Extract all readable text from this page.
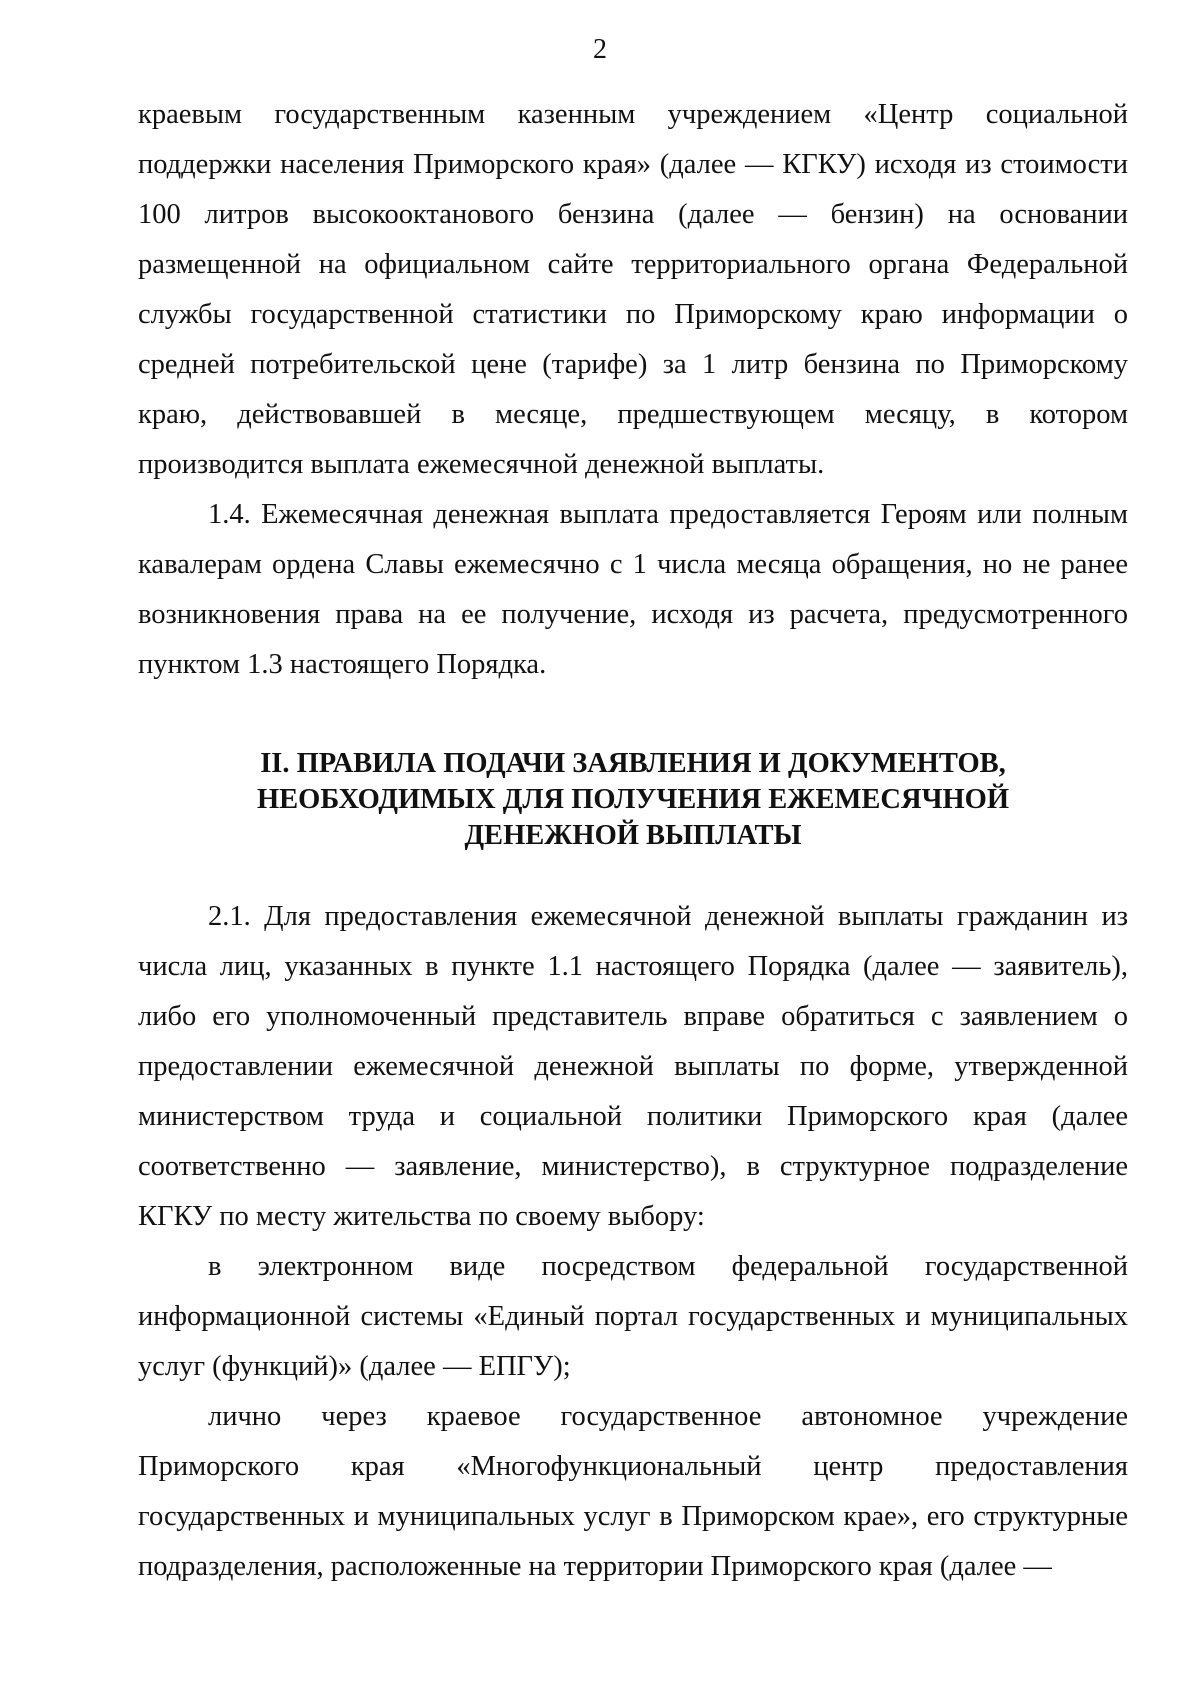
2

краевым государственным казенным учреждением «Центр социальной поддержки населения Приморского края» (далее — КГКУ) исходя из стоимости 100 литров высокооктанового бензина (далее — бензин) на основании размещенной на официальном сайте территориального органа Федеральной службы государственной статистики по Приморскому краю информации о средней потребительской цене (тарифе) за 1 литр бензина по Приморскому краю, действовавшей в месяце, предшествующем месяцу, в котором производится выплата ежемесячной денежной выплаты.

1.4. Ежемесячная денежная выплата предоставляется Героям или полным кавалерам ордена Славы ежемесячно с 1 числа месяца обращения, но не ранее возникновения права на ее получение, исходя из расчета, предусмотренного пунктом 1.3 настоящего Порядка.

II. ПРАВИЛА ПОДАЧИ ЗАЯВЛЕНИЯ И ДОКУМЕНТОВ,
НЕОБХОДИМЫХ ДЛЯ ПОЛУЧЕНИЯ ЕЖЕМЕСЯЧНОЙ
ДЕНЕЖНОЙ ВЫПЛАТЫ

2.1. Для предоставления ежемесячной денежной выплаты гражданин из числа лиц, указанных в пункте 1.1 настоящего Порядка (далее — заявитель), либо его уполномоченный представитель вправе обратиться с заявлением о предоставлении ежемесячной денежной выплаты по форме, утвержденной министерством труда и социальной политики Приморского края (далее соответственно — заявление, министерство), в структурное подразделение КГКУ по месту жительства по своему выбору:

в электронном виде посредством федеральной государственной информационной системы «Единый портал государственных и муниципальных услуг (функций)» (далее — ЕПГУ);

лично через краевое государственное автономное учреждение Приморского края «Многофункциональный центр предоставления государственных и муниципальных услуг в Приморском крае», его структурные подразделения, расположенные на территории Приморского края (далее —
